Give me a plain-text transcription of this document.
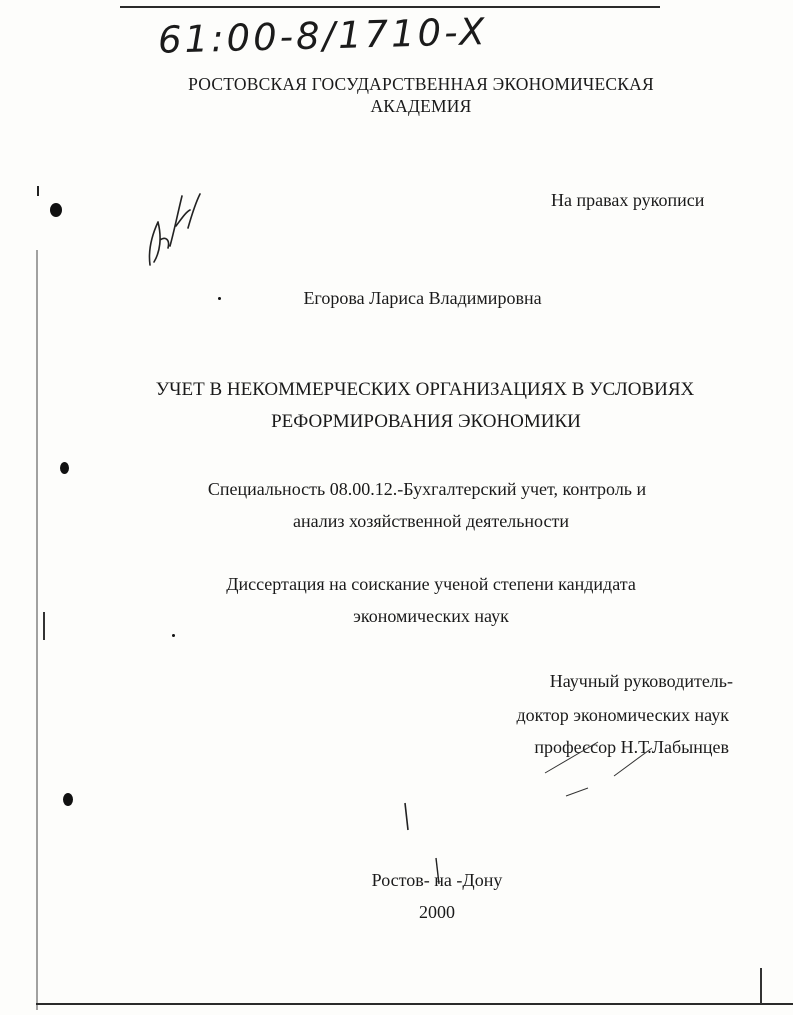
61:00-8/1710-X
РОСТОВСКАЯ ГОСУДАРСТВЕННАЯ ЭКОНОМИЧЕСКАЯ АКАДЕМИЯ
На правах рукописи
Егорова Лариса Владимировна
УЧЕТ В НЕКОММЕРЧЕСКИХ ОРГАНИЗАЦИЯХ В УСЛОВИЯХ
РЕФОРМИРОВАНИЯ ЭКОНОМИКИ
Специальность 08.00.12.-Бухгалтерский учет, контроль и
анализ хозяйственной деятельности
Диссертация на соискание ученой степени кандидата
экономических наук
Научный руководитель-
доктор экономических наук
профессор Н.Т.Лабынцев
Ростов- на -Дону
2000
